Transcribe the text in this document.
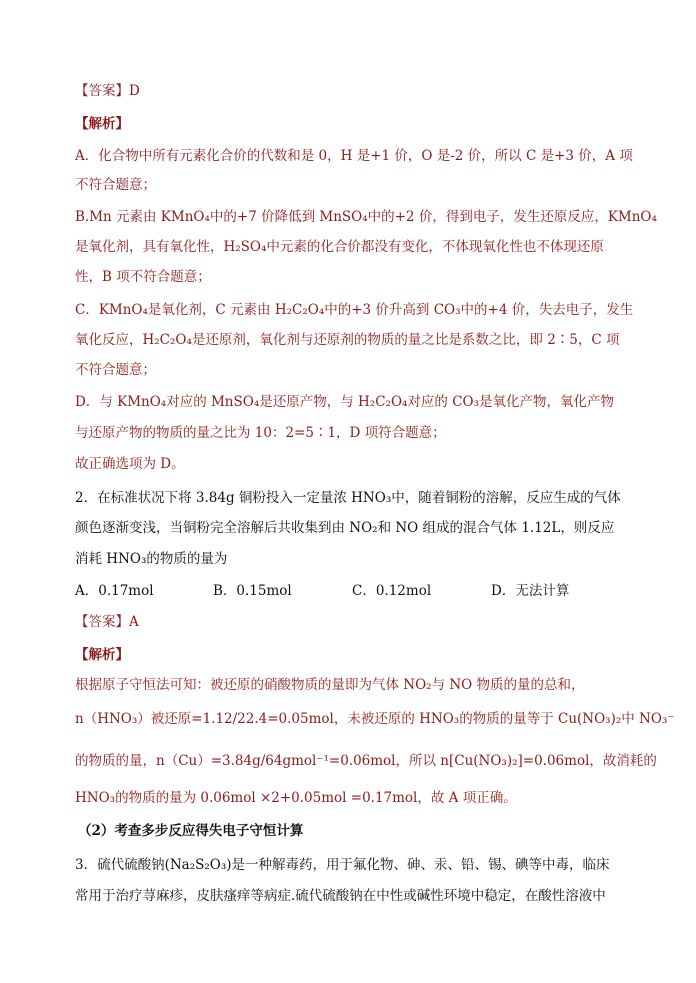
【答案】D
【解析】
A．化合物中所有元素化合价的代数和是 0，H 是+1 价，O 是-2 价，所以 C 是+3 价，A 项
不符合题意；
B.Mn 元素由 KMnO₄中的+7 价降低到 MnSO₄中的+2 价，得到电子，发生还原反应，KMnO₄
是氧化剂，具有氧化性，H₂SO₄中元素的化合价都没有变化，不体现氧化性也不体现还原
性，B 项不符合题意；
C．KMnO₄是氧化剂，C 元素由 H₂C₂O₄中的+3 价升高到 CO₃中的+4 价，失去电子，发生
氧化反应，H₂C₂O₄是还原剂，氧化剂与还原剂的物质的量之比是系数之比，即 2∶5，C 项
不符合题意；
D．与 KMnO₄对应的 MnSO₄是还原产物，与 H₂C₂O₄对应的 CO₃是氧化产物，氧化产物
与还原产物的物质的量之比为 10：2=5∶1，D 项符合题意；
故正确选项为 D。
2．在标准状况下将 3.84g 铜粉投入一定量浓 HNO₃中，随着铜粉的溶解，反应生成的气体
颜色逐渐变浅，当铜粉完全溶解后共收集到由 NO₂和 NO 组成的混合气体 1.12L，则反应
消耗 HNO₃的物质的量为
A．0.17mol	B．0.15mol	C．0.12mol	D．无法计算
【答案】A
【解析】
根据原子守恒法可知：被还原的硝酸物质的量即为气体 NO₂与 NO 物质的量的总和，
n（HNO₃）被还原=1.12/22.4=0.05mol，未被还原的 HNO₃的物质的量等于 Cu(NO₃)₂中 NO₃⁻
的物质的量，n（Cu）=3.84g/64gmol⁻¹=0.06mol，所以 n[Cu(NO₃)₂]=0.06mol，故消耗的
HNO₃的物质的量为 0.06mol ×2+0.05mol =0.17mol，故 A 项正确。
（2）考查多步反应得失电子守恒计算
3．硫代硫酸钠(Na₂S₂O₃)是一种解毒药，用于氟化物、砷、汞、铅、锡、碘等中毒，临床
常用于治疗荨麻疹，皮肤瘙痒等病症.硫代硫酸钠在中性或碱性环境中稳定，在酸性溶液中
